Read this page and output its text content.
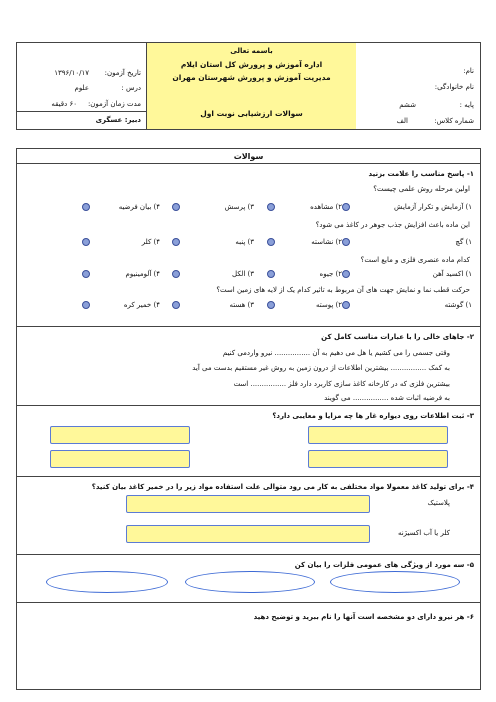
نام:
نام خانوادگی:
پایه :
ششم
شماره کلاس:
الف
باسمه تعالی
اداره آموزش و پرورش کل استان ایلام
مدیریت آموزش و پرورش شهرستان مهران
سوالات ارزشیابی نوبت اول
تاریخ آزمون:
۱۳۹۶/۱۰/۱۷
درس :
علوم
مدت زمان آزمون:
۶۰ دقیقه
دبیر: عسگری
سوالات
۱- پاسخ مناسب را علامت بزنید
اولین مرحله روش علمی چیست؟
۱) آزمایش و تکرار آزمایش
۲) مشاهده
۳) پرسش
۴) بیان فرضیه
این ماده باعث افزایش جذب جوهر در کاغذ می شود؟
۱) گچ
۲) نشاسته
۳) پنبه
۴) کلر
کدام ماده عنصری فلزی و مایع است؟
۱) اکسید آهن
۲) جیوه
۳) الکل
۴) آلومینیوم
حرکت قطب نما و نمایش جهت های آن مربوط به تاثیر کدام یک از لایه های زمین است؟
۱) گوشته
۲) پوسته
۳) هسته
۴) خمیر کره
۲- جاهای خالی را با عبارات مناسب کامل کن
وقتی جسمی را می کشیم یا هل می دهیم به آن ................ نیرو واردمی کنیم
به کمک ................ بیشترین اطلاعات از درون زمین به روش غیر مستقیم بدست می آید
بیشترین فلزی که در کارخانه کاغذ سازی کاربرد دارد فلز ................ است
به فرضیه اثبات شده ................ می گویند
۳- ثبت اطلاعات روی دیواره غار ها چه مزایا و معایبی دارد؟
۴- برای تولید کاغذ معمولا مواد مختلفی به کار می رود متوالی علت استفاده مواد زیر را در خمیر کاغذ بیان کنید؟
پلاستیک
کلر یا آب اکسیژنه
۵- سه مورد از ویژگی های عمومی فلزات را بیان کن
۶- هر نیرو دارای دو مشخصه است آنها را نام ببرید و توضیح دهید
